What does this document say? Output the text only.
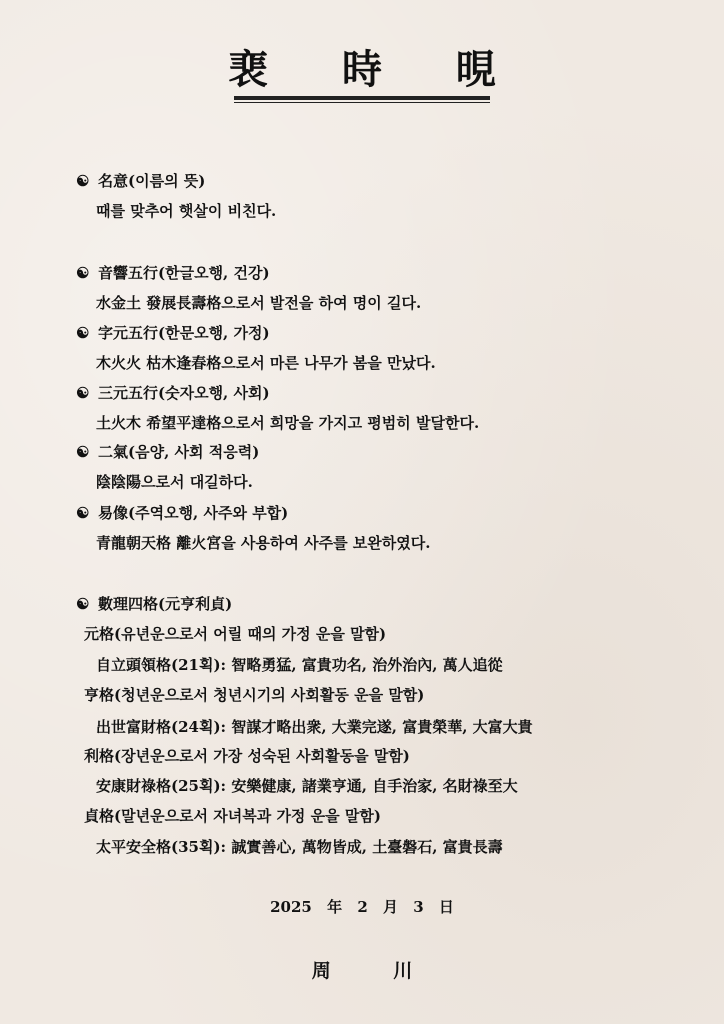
裵 時 晛
☯ 名意(이름의 뜻)
때를 맞추어 햇살이 비친다.
☯ 音響五行(한글오행, 건강)
水金土 發展長壽格으로서 발전을 하여 명이 길다.
☯ 字元五行(한문오행, 가정)
木火火 枯木逢春格으로서 마른 나무가 봄을 만났다.
☯ 三元五行(숫자오행, 사회)
土火木 希望平達格으로서 희망을 가지고 평범히 발달한다.
☯ 二氣(음양, 사회 적응력)
陰陰陽으로서 대길하다.
☯ 易像(주역오행, 사주와 부합)
青龍朝天格 離火宮을 사용하여 사주를 보완하였다.
☯ 數理四格(元亨利貞)
元格(유년운으로서 어릴 때의 가정 운을 말함)
自立頭領格(21획): 智略勇猛, 富貴功名, 治外治內, 萬人追從
亨格(청년운으로서 청년시기의 사회활동 운을 말함)
出世富財格(24획): 智謀才略出衆, 大業完遂, 富貴榮華, 大富大貴
利格(장년운으로서 가장 성숙된 사회활동을 말함)
安康財祿格(25획): 安樂健康, 諸業亨通, 自手治家, 名財祿至大
貞格(말년운으로서 자녀복과 가정 운을 말함)
太平安全格(35획): 誠實善心, 萬物皆成, 土臺磐石, 富貴長壽
2025 年 2 月 3 日
周 川
